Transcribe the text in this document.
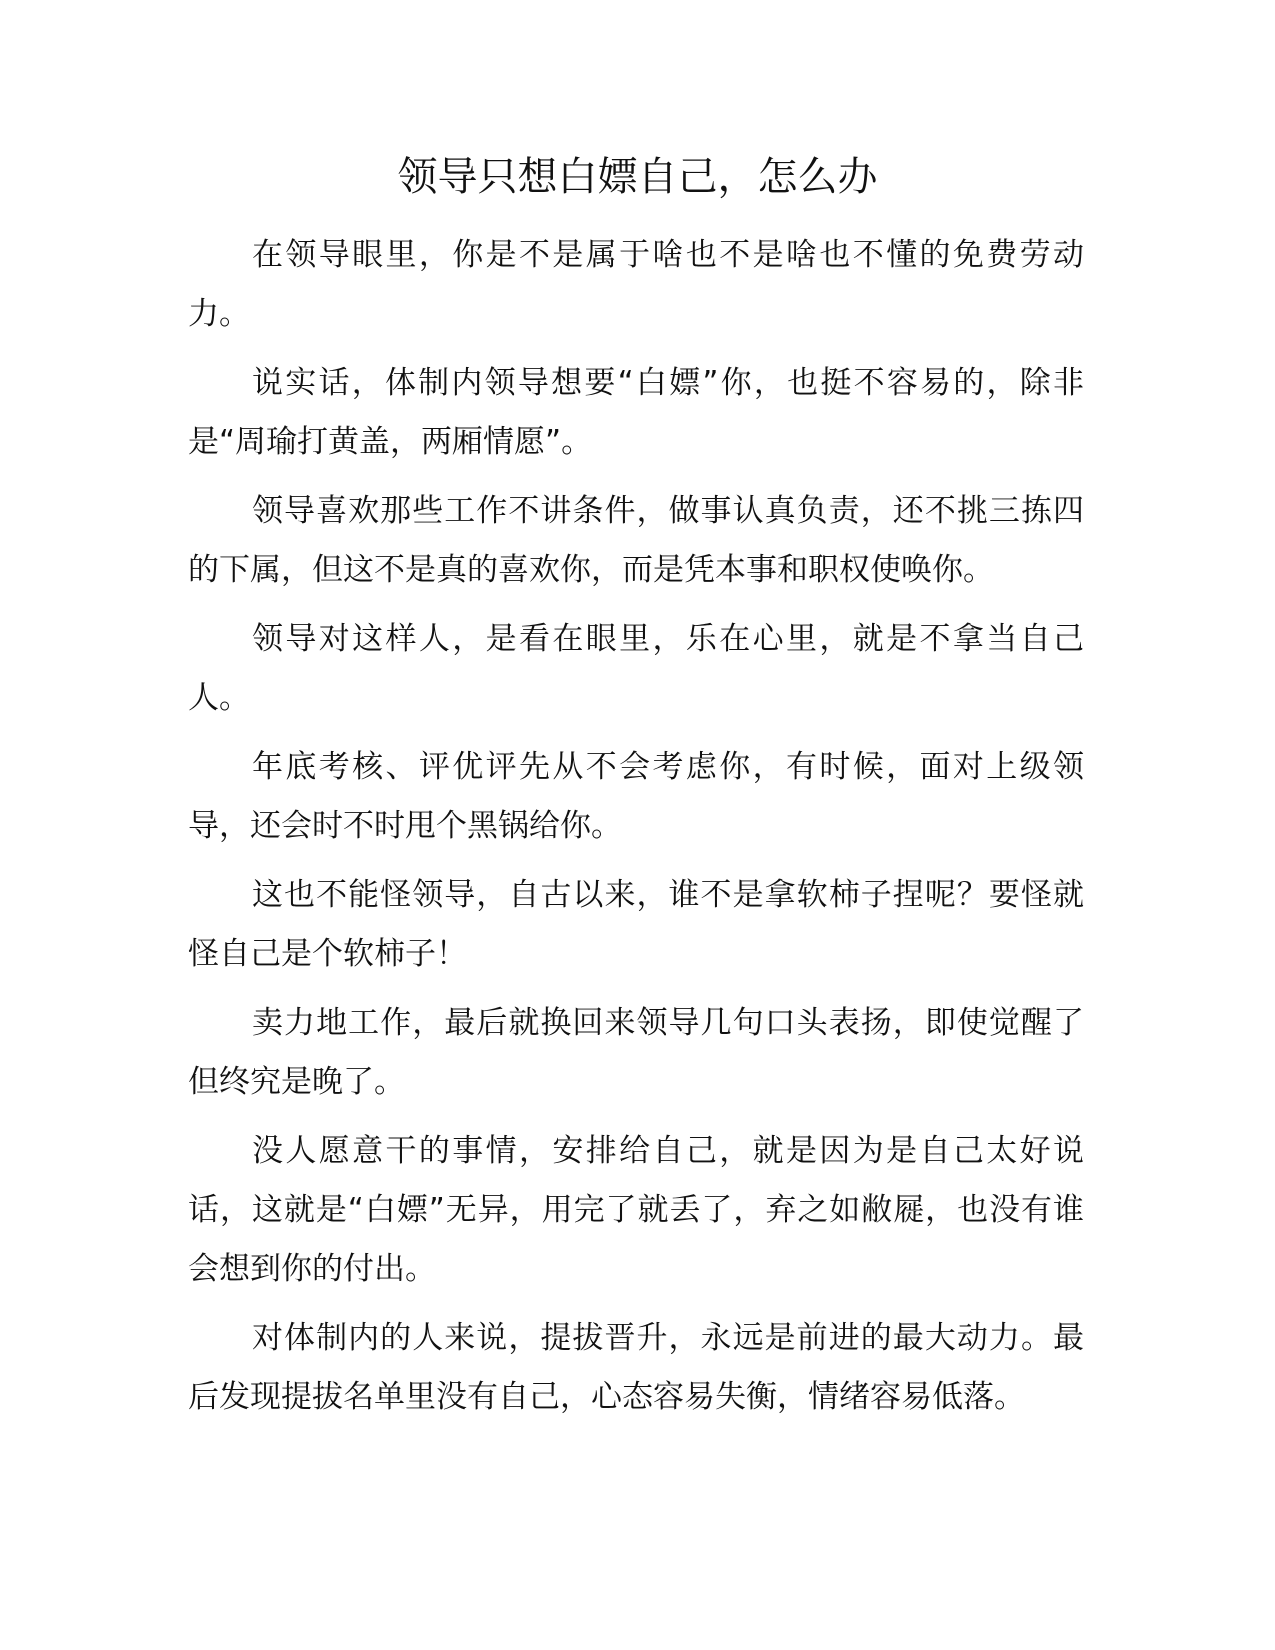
领导只想白嫖自己，怎么办

在领导眼里，你是不是属于啥也不是啥也不懂的免费劳动力。

说实话，体制内领导想要“白嫖”你，也挺不容易的，除非是“周瑜打黄盖，两厢情愿”。

领导喜欢那些工作不讲条件，做事认真负责，还不挑三拣四的下属，但这不是真的喜欢你，而是凭本事和职权使唤你。

领导对这样人，是看在眼里，乐在心里，就是不拿当自己人。

年底考核、评优评先从不会考虑你，有时候，面对上级领导，还会时不时甩个黑锅给你。

这也不能怪领导，自古以来，谁不是拿软柿子捏呢？要怪就怪自己是个软柿子！

卖力地工作，最后就换回来领导几句口头表扬，即使觉醒了但终究是晚了。

没人愿意干的事情，安排给自己，就是因为是自己太好说话，这就是“白嫖”无异，用完了就丢了，弃之如敝屣，也没有谁会想到你的付出。

对体制内的人来说，提拔晋升，永远是前进的最大动力。最后发现提拔名单里没有自己，心态容易失衡，情绪容易低落。
